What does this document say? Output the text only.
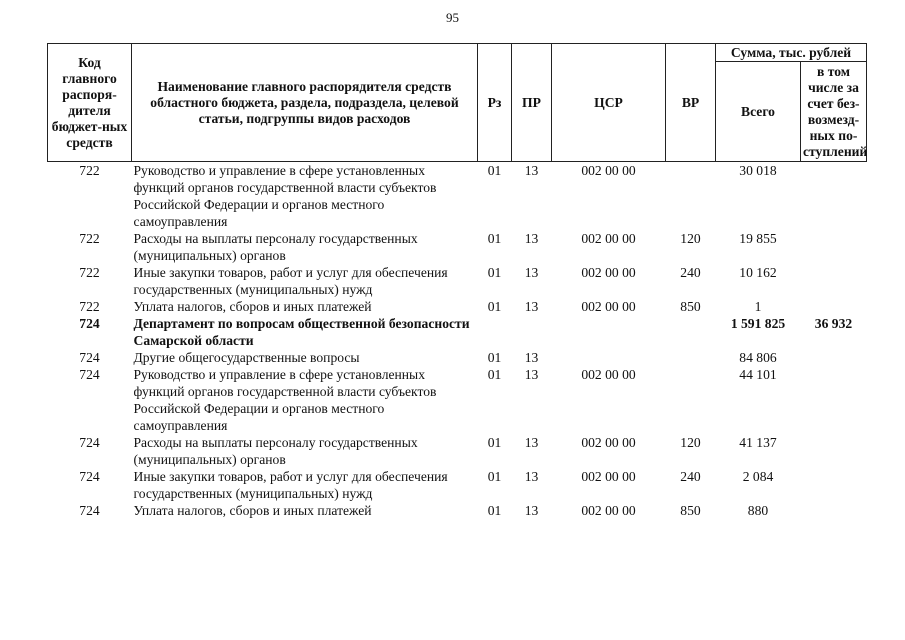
95
Код главного распоря-дителя бюджет-ных средств	Наименование главного распорядителя средств областного бюджета, раздела, подраздела, целевой статьи, подгруппы видов расходов	Рз	ПР	ЦСР	ВР	Сумма, тыс. рублей	
						Всего	в том числе за счет без-возмезд-ных по-ступлений
722	Руководство и управление в сфере установленных функций органов государственной власти субъектов Российской Федерации и органов местного самоуправления	01	13	002 00 00		30 018	
722	Расходы на выплаты персоналу государственных (муниципальных) органов	01	13	002 00 00	120	19 855	
722	Иные закупки товаров, работ и услуг для обеспечения государственных (муниципальных) нужд	01	13	002 00 00	240	10 162	
722	Уплата налогов, сборов и иных платежей	01	13	002 00 00	850	1	
724	Департамент по вопросам общественной безопасности Самарской области					1 591 825	36 932
724	Другие общегосударственные вопросы	01	13			84 806	
724	Руководство и управление в сфере установленных функций органов государственной власти субъектов Российской Федерации и органов местного самоуправления	01	13	002 00 00		44 101	
724	Расходы на выплаты персоналу государственных (муниципальных) органов	01	13	002 00 00	120	41 137	
724	Иные закупки товаров, работ и услуг для обеспечения государственных (муниципальных) нужд	01	13	002 00 00	240	2 084	
724	Уплата налогов, сборов и иных платежей	01	13	002 00 00	850	880	
